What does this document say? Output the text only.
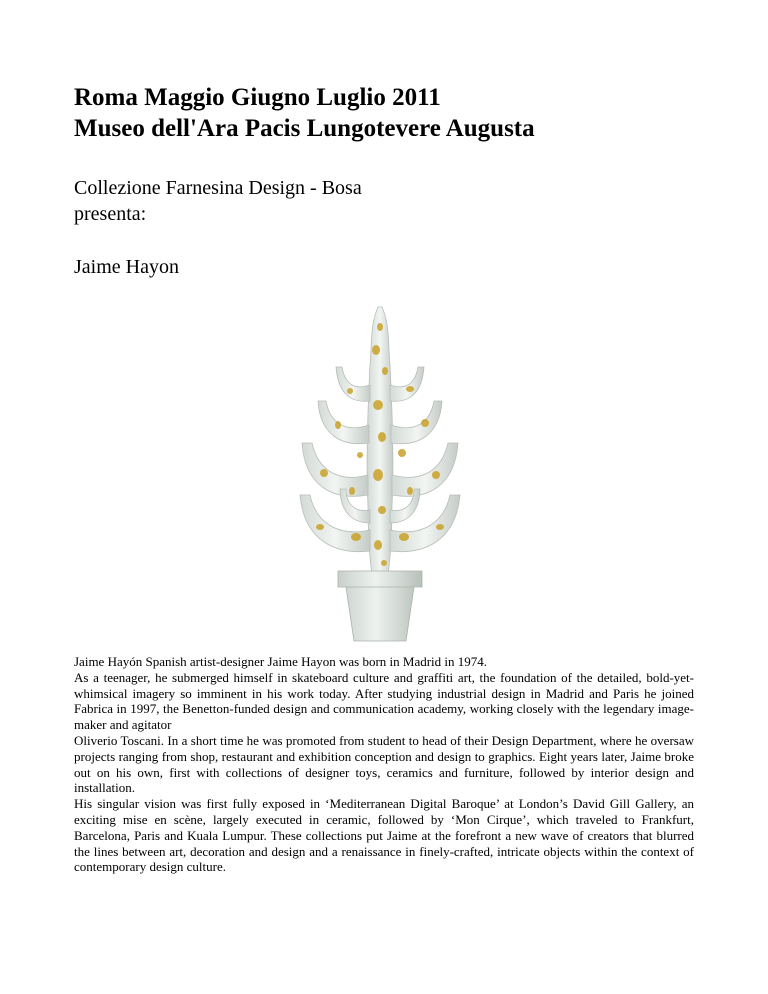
Roma Maggio Giugno Luglio 2011
Museo dell'Ara Pacis Lungotevere Augusta

Collezione Farnesina Design - Bosa
presenta:

Jaime Hayon

Jaime Hayón Spanish artist-designer Jaime Hayon was born in Madrid in 1974.
As a teenager, he submerged himself in skateboard culture and graffiti art, the foundation of the detailed, bold-yet-whimsical imagery so imminent in his work today. After studying industrial design in Madrid and Paris he joined Fabrica in 1997, the Benetton-funded design and communication academy, working closely with the legendary image-maker and agitator
Oliverio Toscani. In a short time he was promoted from student to head of their Design Department, where he oversaw projects ranging from shop, restaurant and exhibition conception and design to graphics. Eight years later, Jaime broke out on his own, first with collections of designer toys, ceramics and furniture, followed by interior design and installation.
His singular vision was first fully exposed in ‘Mediterranean Digital Baroque’ at London’s David Gill Gallery, an exciting mise en scène, largely executed in ceramic, followed by ‘Mon Cirque’, which traveled to Frankfurt, Barcelona, Paris and Kuala Lumpur. These collections put Jaime at the forefront a new wave of creators that blurred the lines between art, decoration and design and a renaissance in finely-crafted, intricate objects within the context of contemporary design culture.
